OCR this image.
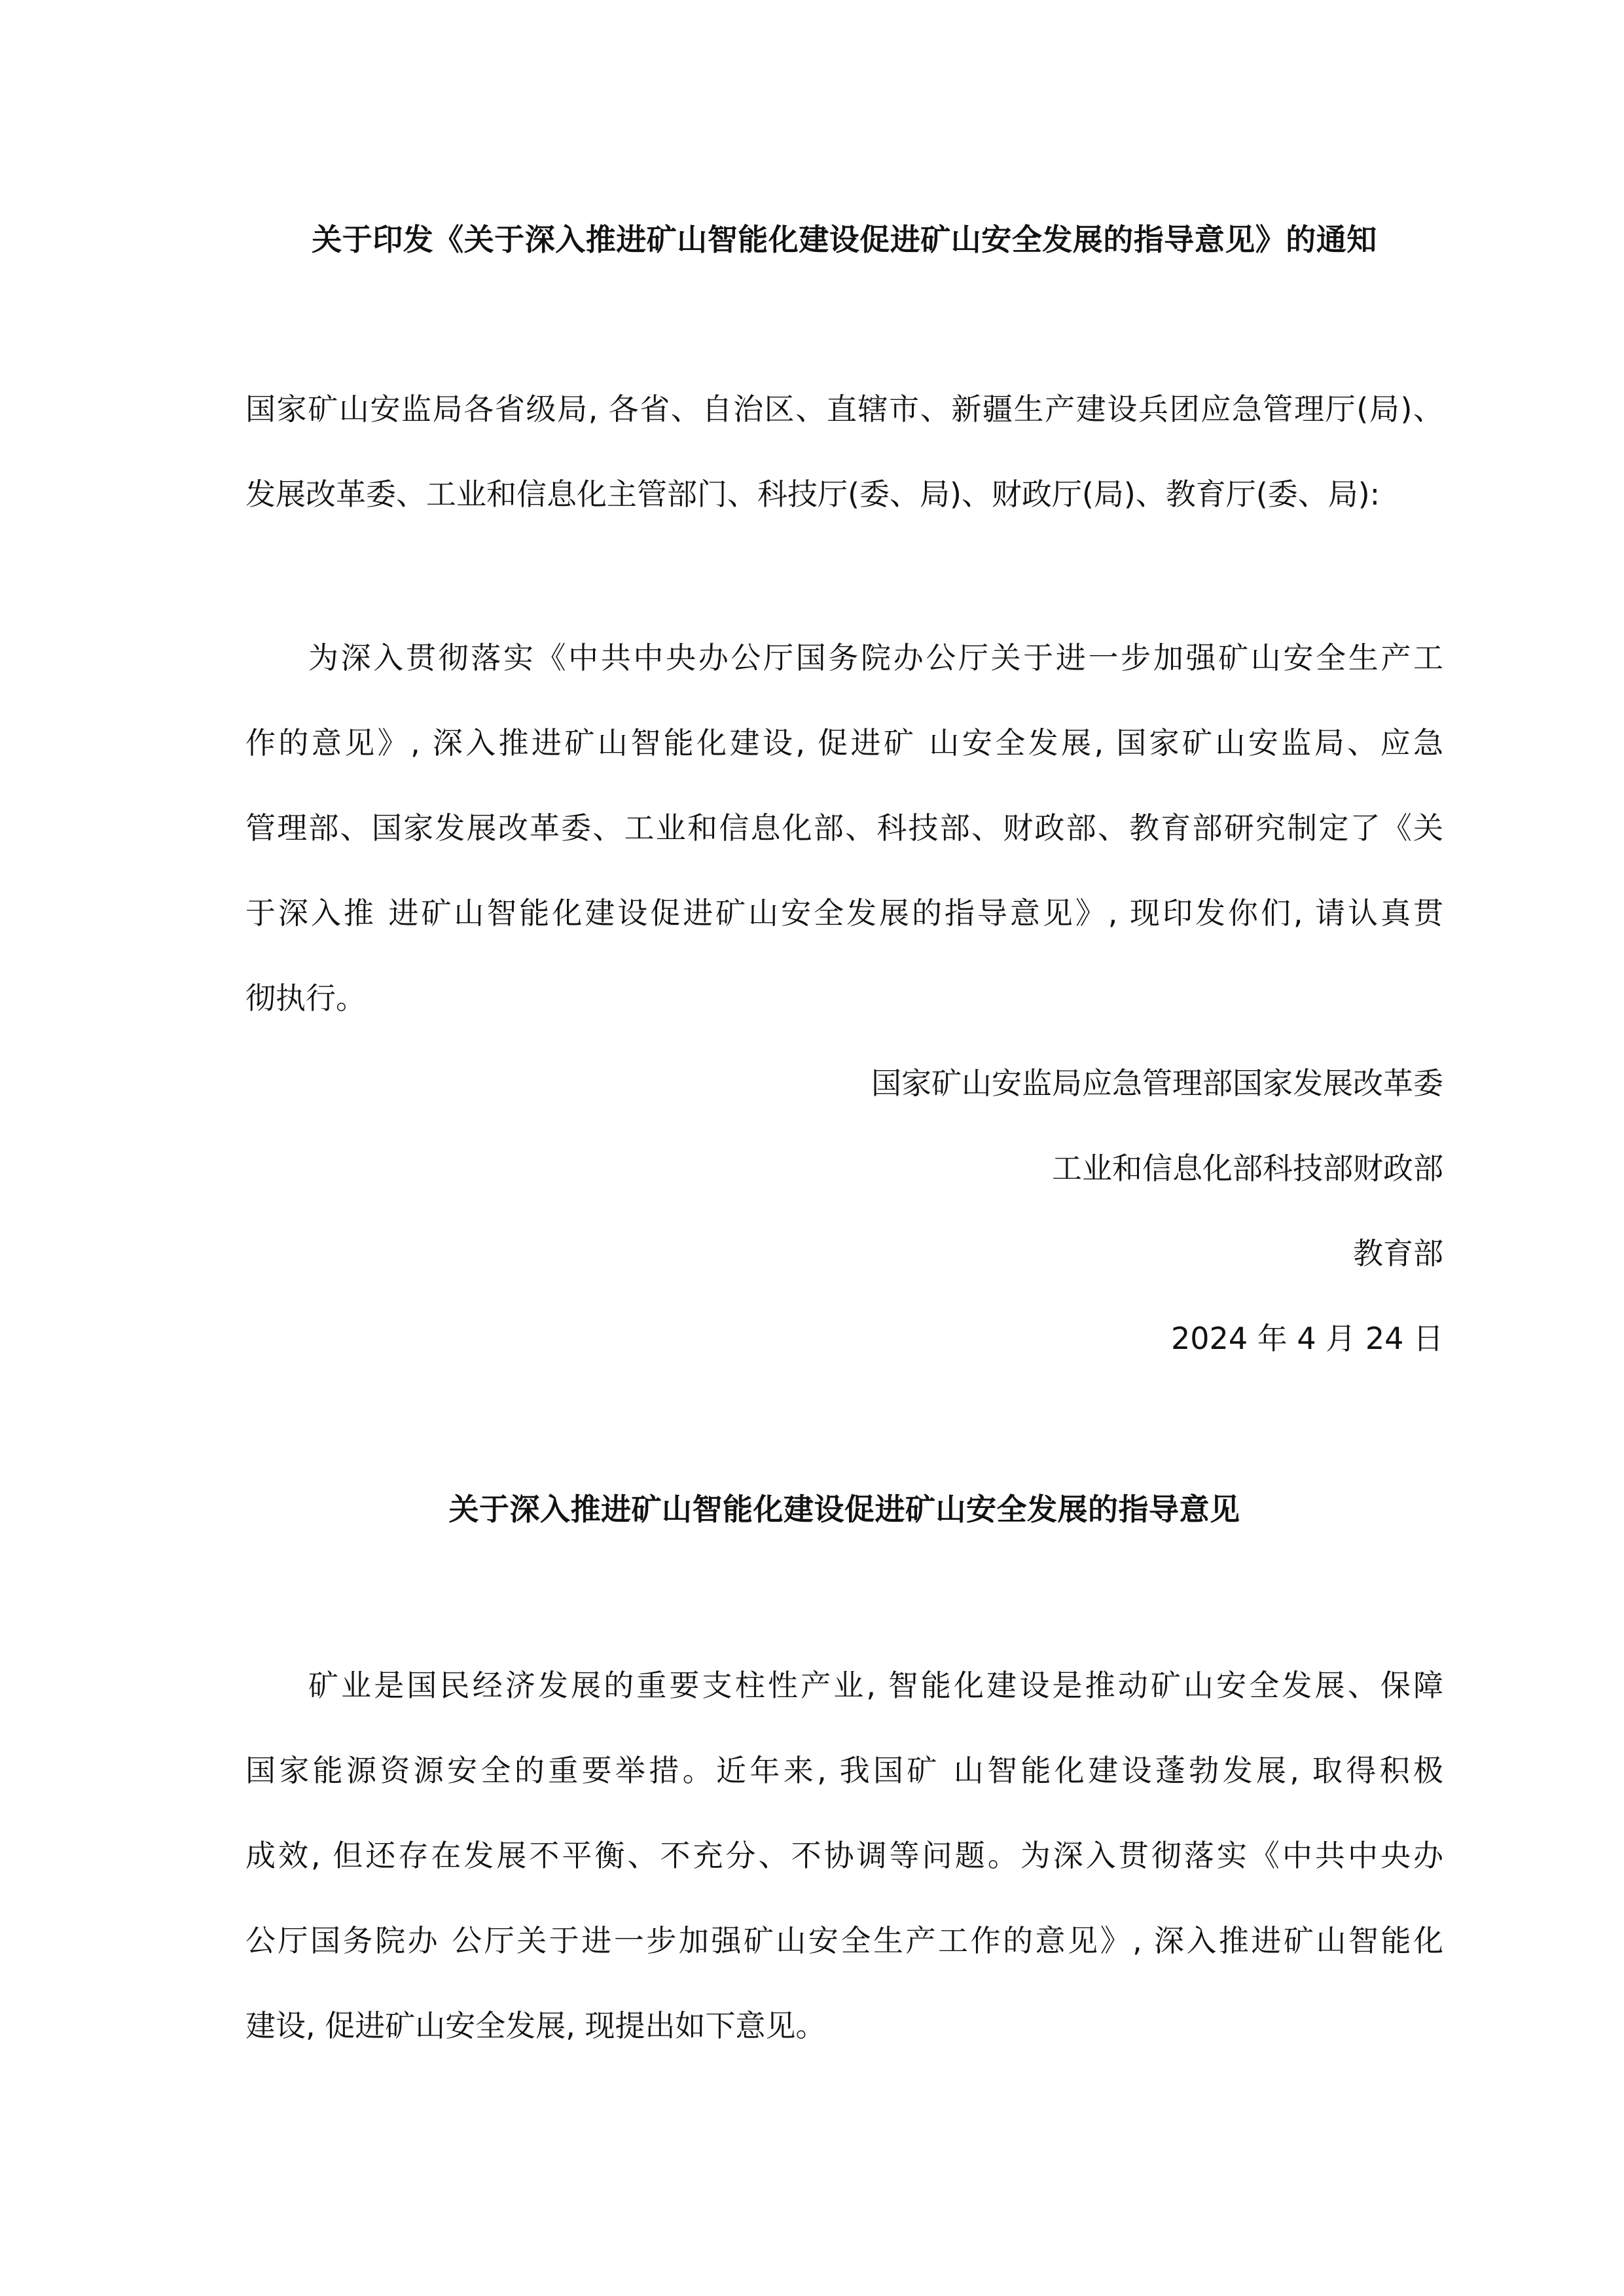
关于印发《关于深入推进矿山智能化建设促进矿山安全发展的指导意见》的通知
国家矿山安监局各省级局, 各省、自治区、直辖市、新疆生产建设兵团应急管理厅(局)、
发展改革委、工业和信息化主管部门、科技厅(委、局)、财政厅(局)、教育厅(委、局):
为深入贯彻落实《中共中央办公厅国务院办公厅关于进一步加强矿山安全生产工
作的意见》, 深入推进矿山智能化建设, 促进矿 山安全发展, 国家矿山安监局、应急
管理部、国家发展改革委、工业和信息化部、科技部、财政部、教育部研究制定了《关
于深入推 进矿山智能化建设促进矿山安全发展的指导意见》, 现印发你们, 请认真贯
彻执行。
国家矿山安监局应急管理部国家发展改革委
工业和信息化部科技部财政部
教育部
2024 年 4 月 24 日
关于深入推进矿山智能化建设促进矿山安全发展的指导意见
矿业是国民经济发展的重要支柱性产业, 智能化建设是推动矿山安全发展、保障
国家能源资源安全的重要举措。近年来, 我国矿 山智能化建设蓬勃发展, 取得积极
成效, 但还存在发展不平衡、不充分、不协调等问题。为深入贯彻落实《中共中央办
公厅国务院办 公厅关于进一步加强矿山安全生产工作的意见》, 深入推进矿山智能化
建设, 促进矿山安全发展, 现提出如下意见。
